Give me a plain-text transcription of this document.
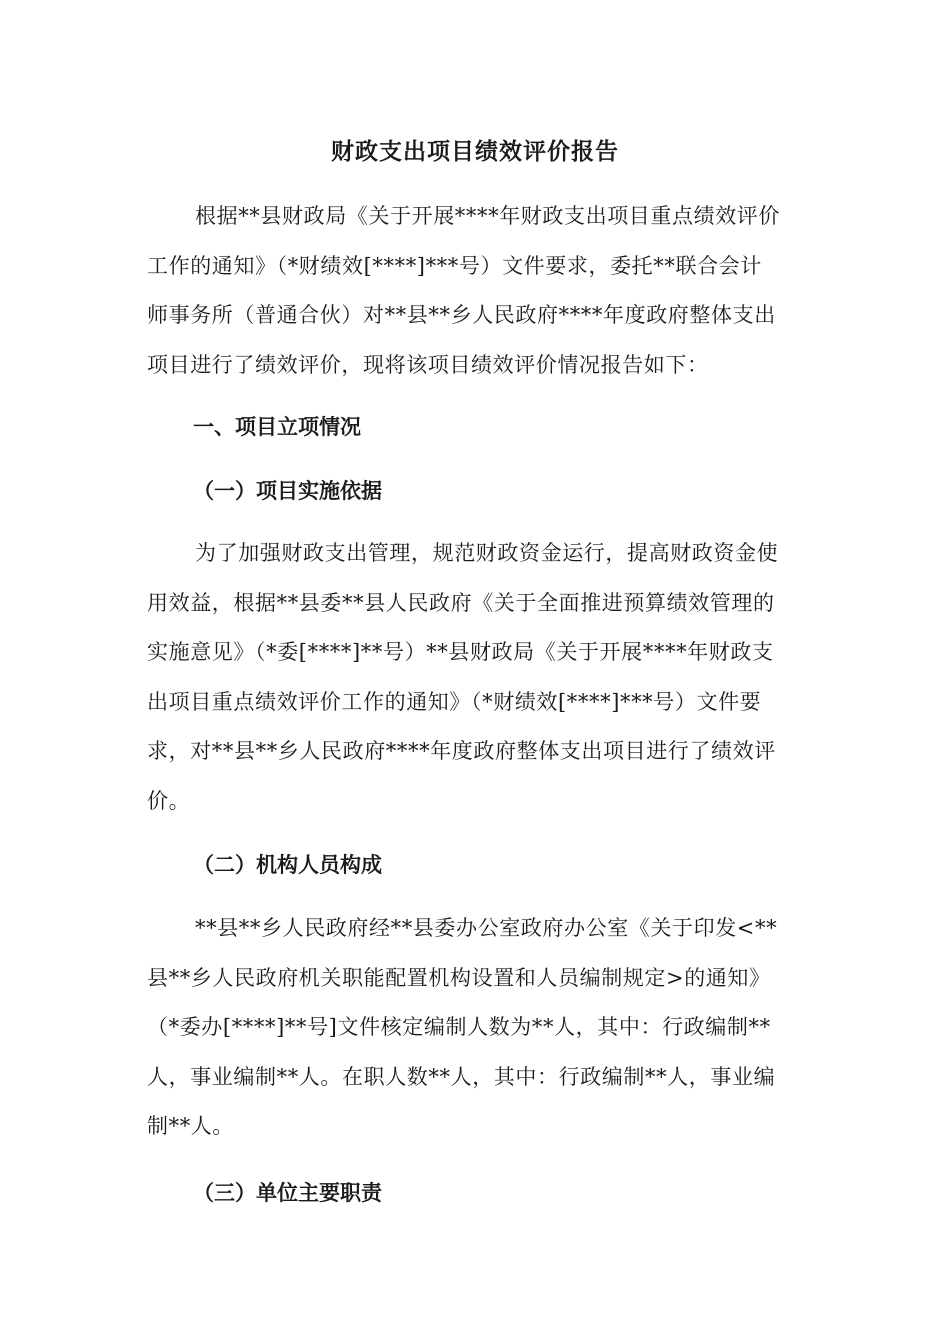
财政支出项目绩效评价报告
根据**县财政局《关于开展****年财政支出项目重点绩效评价
工作的通知》（*财绩效[****]***号）文件要求，委托**联合会计
师事务所（普通合伙）对**县**乡人民政府****年度政府整体支出
项目进行了绩效评价，现将该项目绩效评价情况报告如下：
一、项目立项情况
（一）项目实施依据
为了加强财政支出管理，规范财政资金运行，提高财政资金使
用效益，根据**县委**县人民政府《关于全面推进预算绩效管理的
实施意见》（*委[****]**号）**县财政局《关于开展****年财政支
出项目重点绩效评价工作的通知》（*财绩效[****]***号）文件要
求，对**县**乡人民政府****年度政府整体支出项目进行了绩效评
价。
（二）机构人员构成
**县**乡人民政府经**县委办公室政府办公室《关于印发<**
县**乡人民政府机关职能配置机构设置和人员编制规定>的通知》
（*委办[****]**号]文件核定编制人数为**人，其中：行政编制**
人，事业编制**人。在职人数**人，其中：行政编制**人，事业编
制**人。
（三）单位主要职责
